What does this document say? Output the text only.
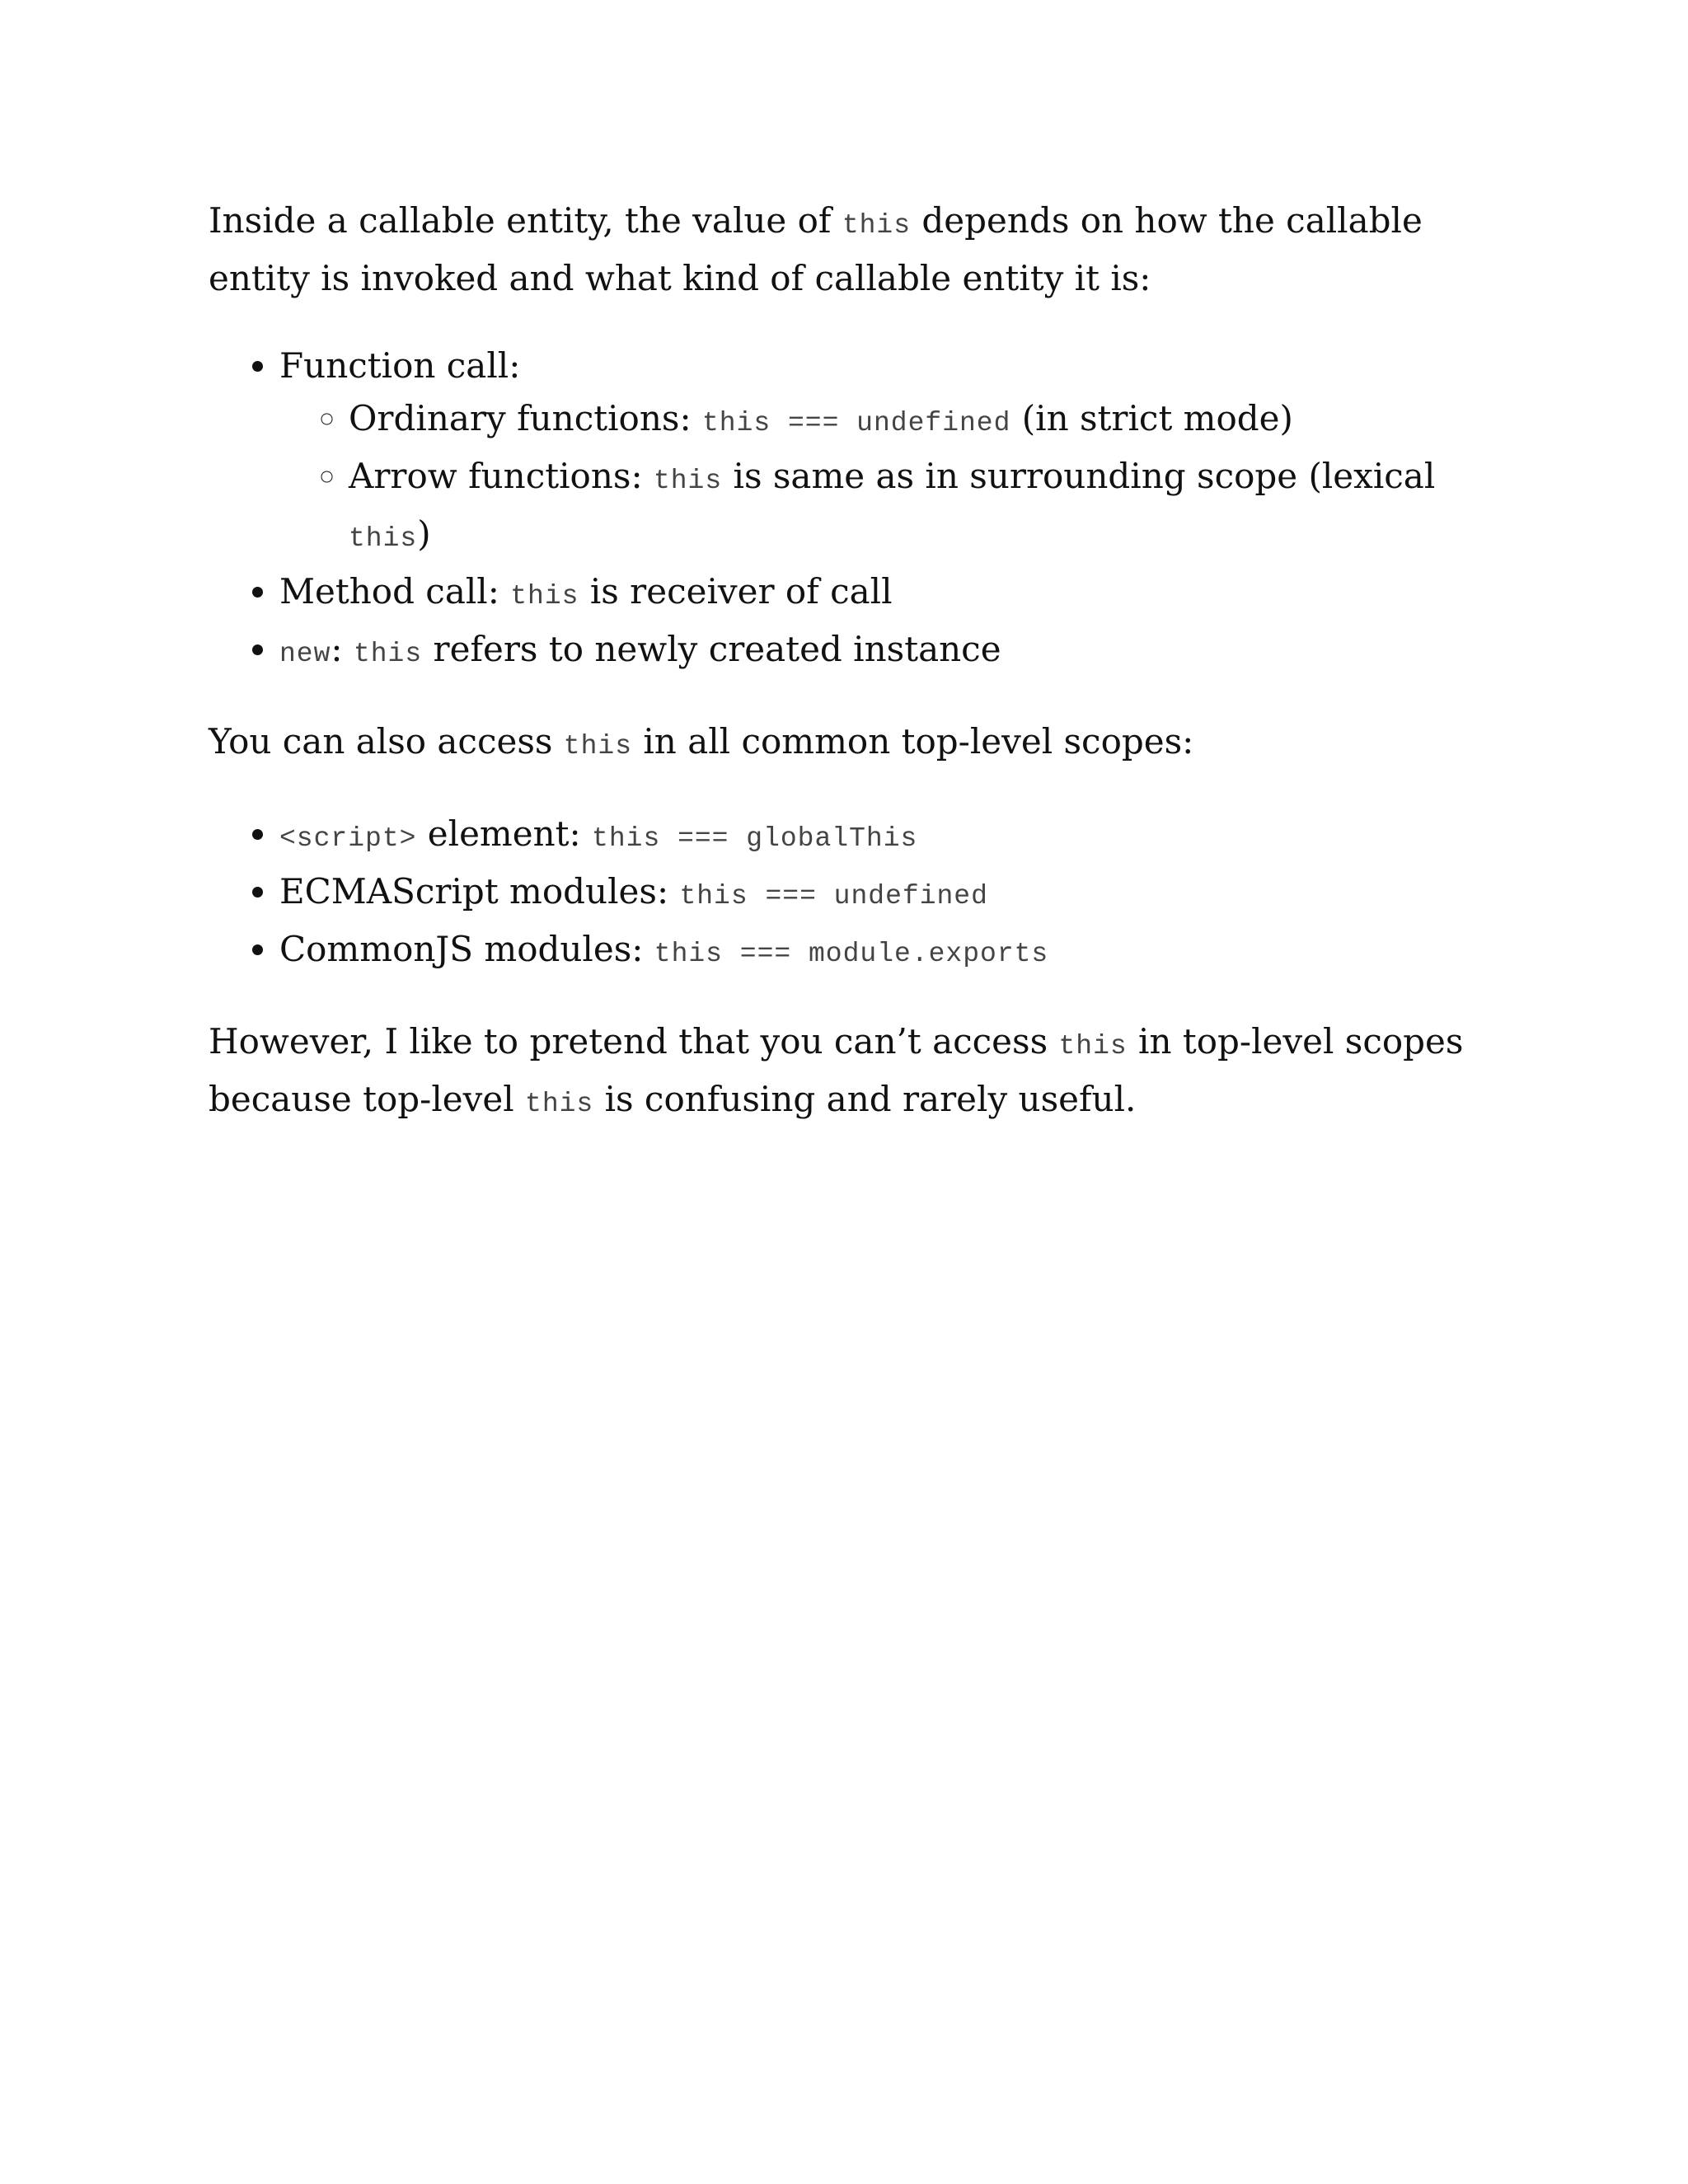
Inside a callable entity, the value of this depends on how the callable entity is invoked and what kind of callable entity it is:

• Function call:
◦ Ordinary functions: this === undefined (in strict mode)
◦ Arrow functions: this is same as in surrounding scope (lexical this)
• Method call: this is receiver of call
• new: this refers to newly created instance

You can also access this in all common top-level scopes:

• <script> element: this === globalThis
• ECMAScript modules: this === undefined
• CommonJS modules: this === module.exports

However, I like to pretend that you can’t access this in top-level scopes because top-level this is confusing and rarely useful.
